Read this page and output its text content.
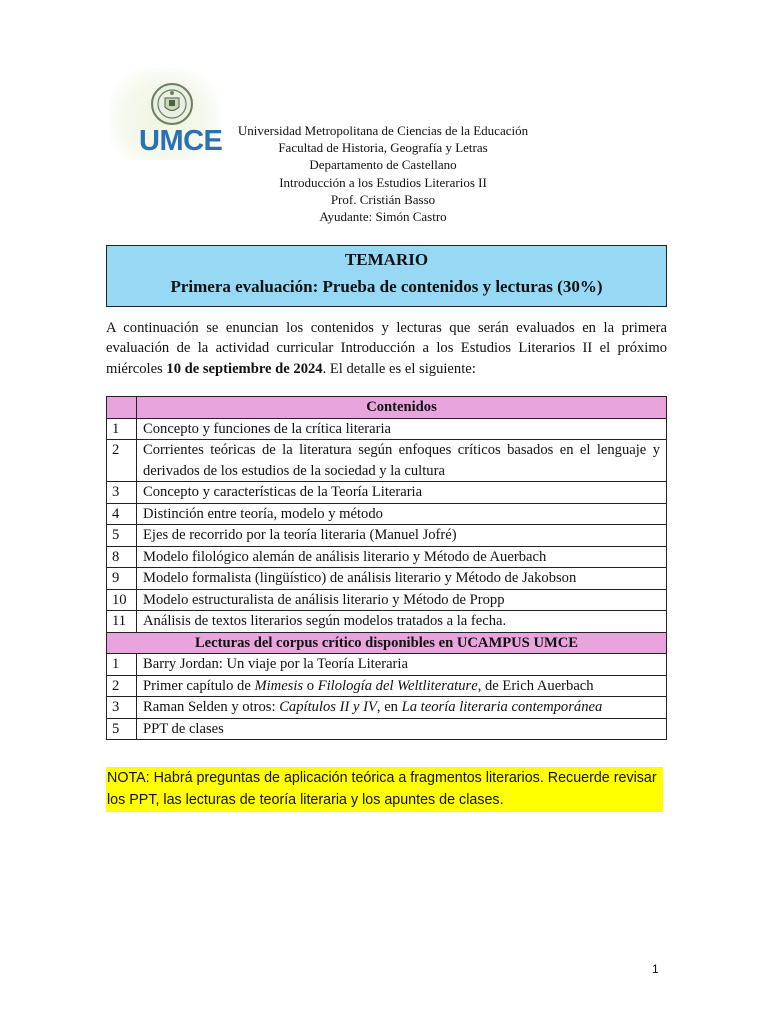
UMCE	Universidad Metropolitana de Ciencias de la Educación
Facultad de Historia, Geografía y Letras
Departamento de Castellano
Introducción a los Estudios Literarios II
Prof. Cristián Basso
Ayudante: Simón Castro
TEMARIO
Primera evaluación: Prueba de contenidos y lecturas (30%)
A continuación se enuncian los contenidos y lecturas que serán evaluados en la primera evaluación de la actividad curricular Introducción a los Estudios Literarios II el próximo miércoles 10 de septiembre de 2024. El detalle es el siguiente:
	Contenidos
1	Concepto y funciones de la crítica literaria
2	Corrientes teóricas de la literatura según enfoques críticos basados en el lenguaje y derivados de los estudios de la sociedad y la cultura
3	Concepto y características de la Teoría Literaria
4	Distinción entre teoría, modelo y método
5	Ejes de recorrido por la teoría literaria (Manuel Jofré)
8	Modelo filológico alemán de análisis literario y Método de Auerbach
9	Modelo formalista (lingüístico) de análisis literario y Método de Jakobson
10	Modelo estructuralista de análisis literario y Método de Propp
11	Análisis de textos literarios según modelos tratados a la fecha.
Lecturas del corpus crítico disponibles en UCAMPUS UMCE	
1	Barry Jordan: Un viaje por la Teoría Literaria
2	Primer capítulo de Mimesis o Filología del Weltliteraturе, de Erich Auerbach
3	Raman Selden y otros: Capítulos II y IV, en La teoría literaria contemporánea
5	PPT de clases
NOTA: Habrá preguntas de aplicación teórica a fragmentos literarios. Recuerde revisar los PPT, las lecturas de teoría literaria y los apuntes de clases.
1
